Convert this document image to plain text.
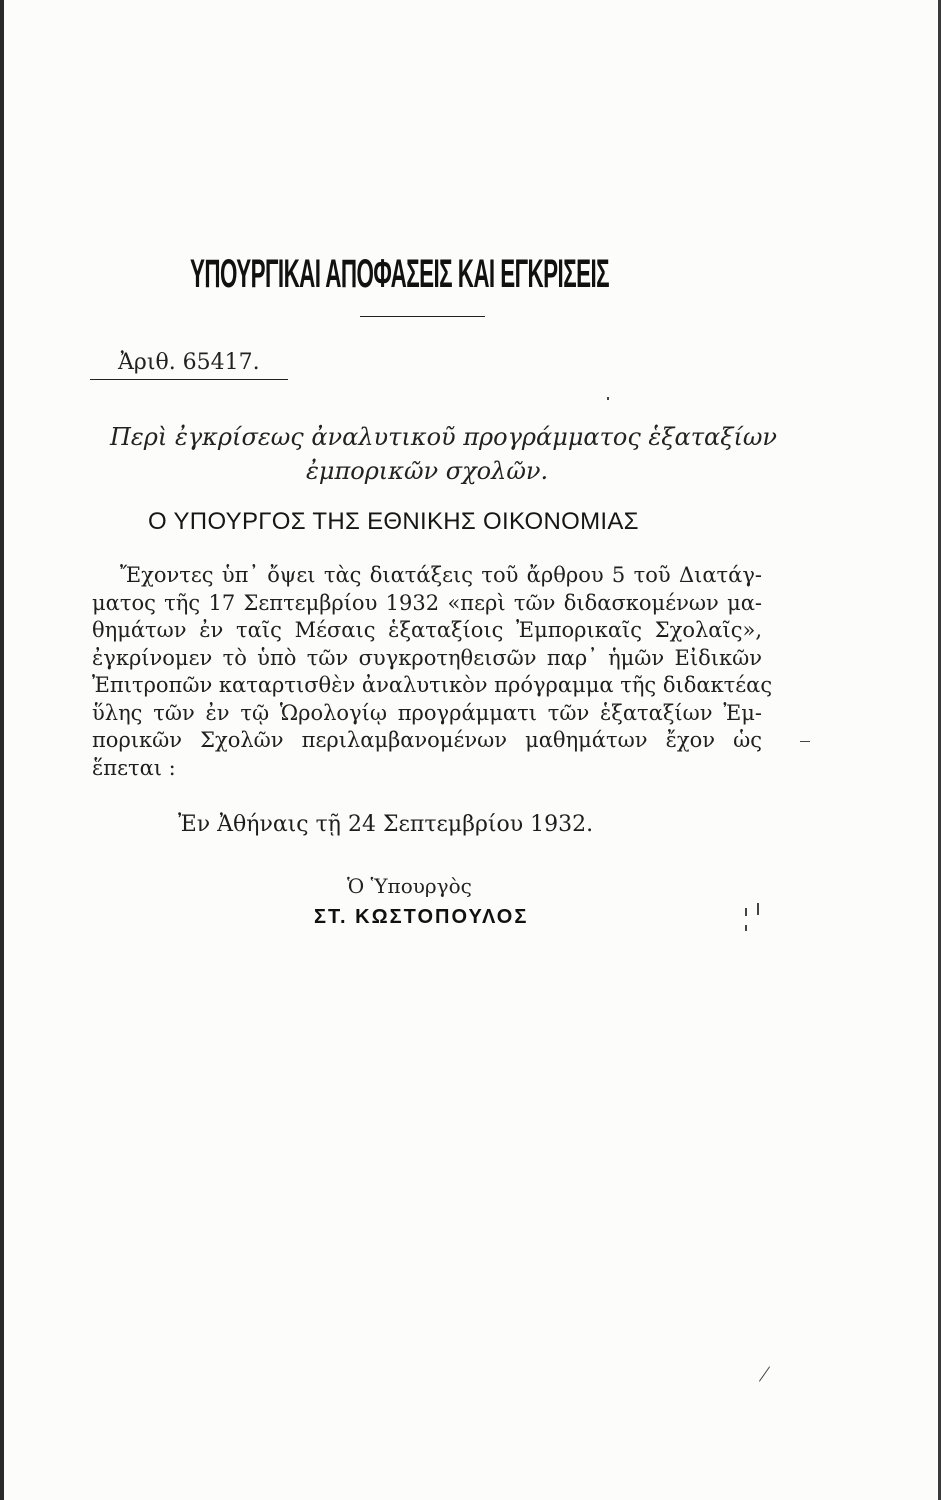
ΥΠΟΥΡΓΙΚΑΙ ΑΠΟΦΑΣΕΙΣ ΚΑΙ ΕΓΚΡΙΣΕΙΣ
Ἀριθ. 65417.
Περὶ ἐγκρίσεως ἀναλυτικοῦ προγράμματος ἑξαταξίων
ἐμπορικῶν σχολῶν.
Ο ΥΠΟΥΡΓΟΣ ΤΗΣ ΕΘΝΙΚΗΣ ΟΙΚΟΝΟΜΙΑΣ
Ἔχοντες ὑπ᾽ ὄψει τὰς διατάξεις τοῦ ἄρθρου 5 τοῦ Διατάγ-
ματος τῆς 17 Σεπτεμβρίου 1932 «περὶ τῶν διδασκομένων μα-
θημάτων ἐν ταῖς Μέσαις ἑξαταξίοις Ἐμπορικαῖς Σχολαῖς»,
ἐγκρίνομεν τὸ ὑπὸ τῶν συγκροτηθεισῶν παρ᾽ ἡμῶν Εἰδικῶν
Ἐπιτροπῶν καταρτισθὲν ἀναλυτικὸν πρόγραμμα τῆς διδακτέας
ὕλης τῶν ἐν τῷ Ὡρολογίῳ προγράμματι τῶν ἑξαταξίων Ἐμ-
πορικῶν Σχολῶν περιλαμβανομένων μαθημάτων ἔχον ὡς
ἕπεται :
Ἐν Ἀθήναις τῇ 24 Σεπτεμβρίου 1932.
Ὁ Ὑπουργὸς
ΣΤ. ΚΩΣΤΟΠΟΥΛΟΣ
